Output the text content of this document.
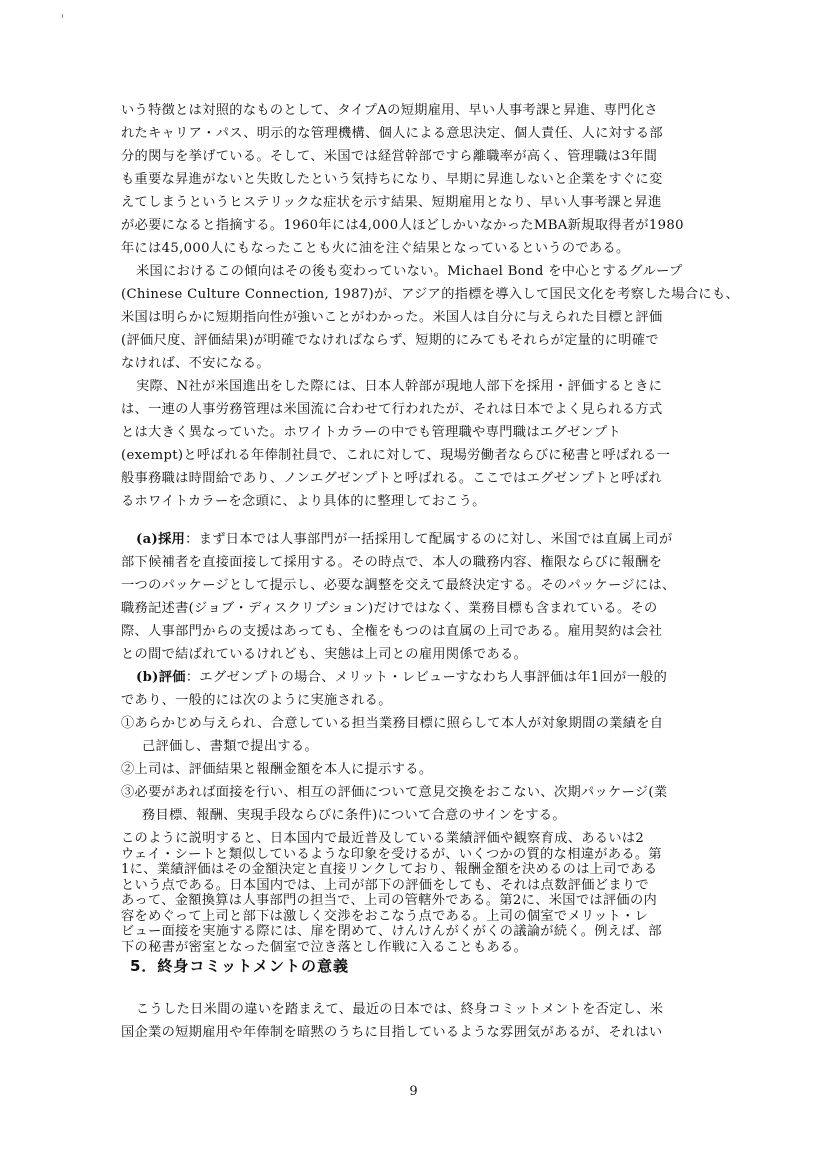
いう特徴とは対照的なものとして、タイプAの短期雇用、早い人事考課と昇進、専門化さ
れたキャリア・パス、明示的な管理機構、個人による意思決定、個人責任、人に対する部
分的関与を挙げている。そして、米国では経営幹部ですら離職率が高く、管理職は3年間
も重要な昇進がないと失敗したという気持ちになり、早期に昇進しないと企業をすぐに変
えてしまうというヒステリックな症状を示す結果、短期雇用となり、早い人事考課と昇進
が必要になると指摘する。1960年には4,000人ほどしかいなかったMBA新規取得者が1980
年には45,000人にもなったことも火に油を注ぐ結果となっているというのである。
米国におけるこの傾向はその後も変わっていない。Michael Bond を中心とするグループ
(Chinese Culture Connection, 1987)が、アジア的指標を導入して国民文化を考察した場合にも、
米国は明らかに短期指向性が強いことがわかった。米国人は自分に与えられた目標と評価
(評価尺度、評価結果)が明確でなければならず、短期的にみてもそれらが定量的に明確で
なければ、不安になる。
実際、N社が米国進出をした際には、日本人幹部が現地人部下を採用・評価するときに
は、一連の人事労務管理は米国流に合わせて行われたが、それは日本でよく見られる方式
とは大きく異なっていた。ホワイトカラーの中でも管理職や専門職はエグゼンプト
(exempt)と呼ばれる年俸制社員で、これに対して、現場労働者ならびに秘書と呼ばれる一
般事務職は時間給であり、ノンエグゼンプトと呼ばれる。ここではエグゼンプトと呼ばれ
るホワイトカラーを念頭に、より具体的に整理しておこう。
(a)採用：まず日本では人事部門が一括採用して配属するのに対し、米国では直属上司が
部下候補者を直接面接して採用する。その時点で、本人の職務内容、権限ならびに報酬を
一つのパッケージとして提示し、必要な調整を交えて最終決定する。そのパッケージには、
職務記述書(ジョブ・ディスクリプション)だけではなく、業務目標も含まれている。その
際、人事部門からの支援はあっても、全権をもつのは直属の上司である。雇用契約は会社
との間で結ばれているけれども、実態は上司との雇用関係である。
(b)評価：エグゼンプトの場合、メリット・レビューすなわち人事評価は年1回が一般的
であり、一般的には次のように実施される。
①あらかじめ与えられ、合意している担当業務目標に照らして本人が対象期間の業績を自
己評価し、書類で提出する。
②上司は、評価結果と報酬金額を本人に提示する。
③必要があれば面接を行い、相互の評価について意見交換をおこない、次期パッケージ(業
務目標、報酬、実現手段ならびに条件)について合意のサインをする。
このように説明すると、日本国内で最近普及している業績評価や観察育成、あるいは2
ウェイ・シートと類似しているような印象を受けるが、いくつかの質的な相違がある。第
1に、業績評価はその金額決定と直接リンクしており、報酬金額を決めるのは上司である
という点である。日本国内では、上司が部下の評価をしても、それは点数評価どまりで
あって、金額換算は人事部門の担当で、上司の管轄外である。第2に、米国では評価の内
容をめぐって上司と部下は激しく交渉をおこなう点である。上司の個室でメリット・レ
ビュー面接を実施する際には、扉を閉めて、けんけんがくがくの議論が続く。例えば、部
下の秘書が密室となった個室で泣き落とし作戦に入ることもある。
5．終身コミットメントの意義
こうした日米間の違いを踏まえて、最近の日本では、終身コミットメントを否定し、米
国企業の短期雇用や年俸制を暗黙のうちに目指しているような雰囲気があるが、それはい
9
